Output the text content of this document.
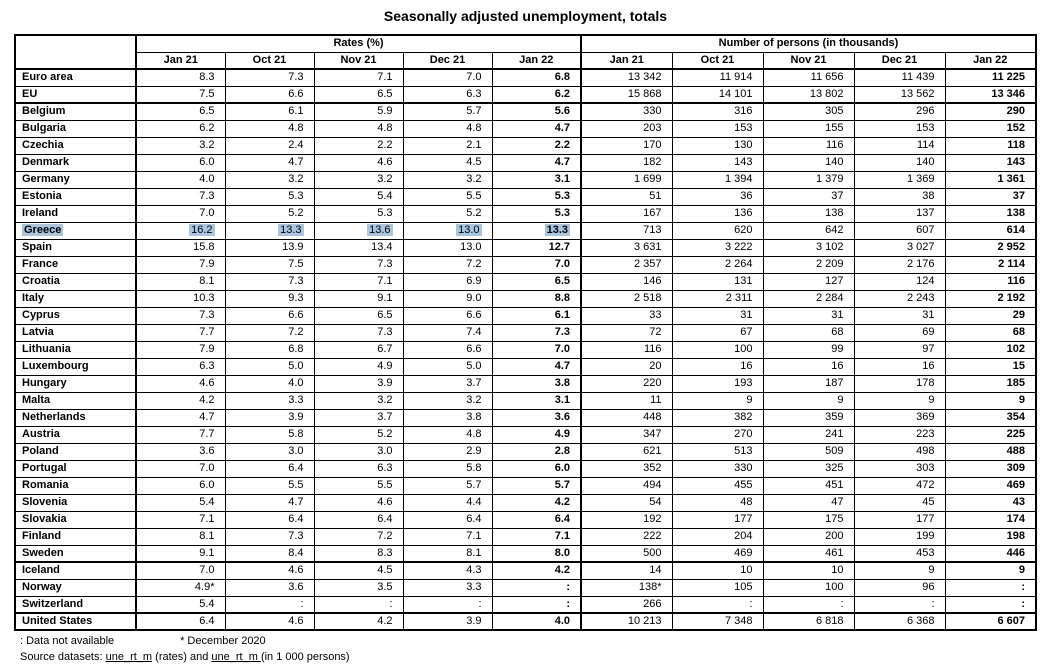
Seasonally adjusted unemployment, totals
	Rates (%)					Number of persons (in thousands)				
	Jan 21	Oct 21	Nov 21	Dec 21	Jan 22	Jan 21	Oct 21	Nov 21	Dec 21	Jan 22
Euro area	8.3	7.3	7.1	7.0	6.8	13 342	11 914	11 656	11 439	11 225
EU	7.5	6.6	6.5	6.3	6.2	15 868	14 101	13 802	13 562	13 346
Belgium	6.5	6.1	5.9	5.7	5.6	330	316	305	296	290
Bulgaria	6.2	4.8	4.8	4.8	4.7	203	153	155	153	152
Czechia	3.2	2.4	2.2	2.1	2.2	170	130	116	114	118
Denmark	6.0	4.7	4.6	4.5	4.7	182	143	140	140	143
Germany	4.0	3.2	3.2	3.2	3.1	1 699	1 394	1 379	1 369	1 361
Estonia	7.3	5.3	5.4	5.5	5.3	51	36	37	38	37
Ireland	7.0	5.2	5.3	5.2	5.3	167	136	138	137	138
Greece	16.2	13.3	13.6	13.0	13.3	713	620	642	607	614
Spain	15.8	13.9	13.4	13.0	12.7	3 631	3 222	3 102	3 027	2 952
France	7.9	7.5	7.3	7.2	7.0	2 357	2 264	2 209	2 176	2 114
Croatia	8.1	7.3	7.1	6.9	6.5	146	131	127	124	116
Italy	10.3	9.3	9.1	9.0	8.8	2 518	2 311	2 284	2 243	2 192
Cyprus	7.3	6.6	6.5	6.6	6.1	33	31	31	31	29
Latvia	7.7	7.2	7.3	7.4	7.3	72	67	68	69	68
Lithuania	7.9	6.8	6.7	6.6	7.0	116	100	99	97	102
Luxembourg	6.3	5.0	4.9	5.0	4.7	20	16	16	16	15
Hungary	4.6	4.0	3.9	3.7	3.8	220	193	187	178	185
Malta	4.2	3.3	3.2	3.2	3.1	11	9	9	9	9
Netherlands	4.7	3.9	3.7	3.8	3.6	448	382	359	369	354
Austria	7.7	5.8	5.2	4.8	4.9	347	270	241	223	225
Poland	3.6	3.0	3.0	2.9	2.8	621	513	509	498	488
Portugal	7.0	6.4	6.3	5.8	6.0	352	330	325	303	309
Romania	6.0	5.5	5.5	5.7	5.7	494	455	451	472	469
Slovenia	5.4	4.7	4.6	4.4	4.2	54	48	47	45	43
Slovakia	7.1	6.4	6.4	6.4	6.4	192	177	175	177	174
Finland	8.1	7.3	7.2	7.1	7.1	222	204	200	199	198
Sweden	9.1	8.4	8.3	8.1	8.0	500	469	461	453	446
Iceland	7.0	4.6	4.5	4.3	4.2	14	10	10	9	9
Norway	4.9*	3.6	3.5	3.3	:	138*	105	100	96	:
Switzerland	5.4	:	:	:	:	266	:	:	:	:
United States	6.4	4.6	4.2	3.9	4.0	10 213	7 348	6 818	6 368	6 607
: Data not available	* December 2020
Source datasets: une_rt_m (rates) and une_rt_m (in 1 000 persons)
